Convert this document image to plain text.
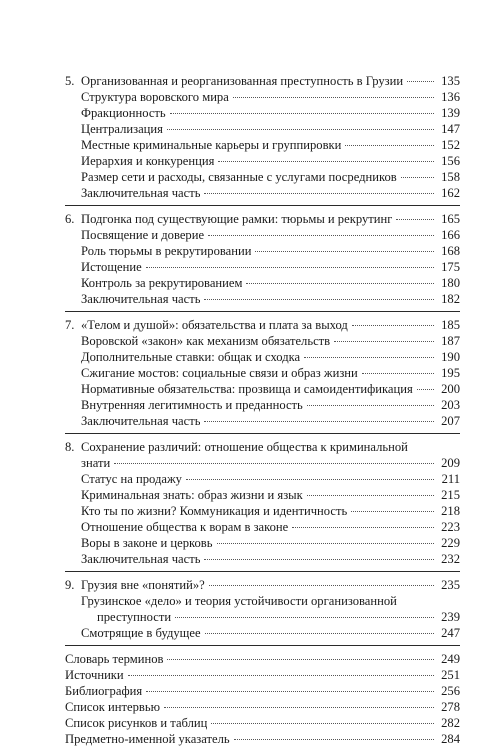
5. Организованная и реорганизованная преступность в Грузии	135
Структура воровского мира	136
Фракционность	139
Централизация	147
Местные криминальные карьеры и группировки	152
Иерархия и конкуренция	156
Размер сети и расходы, связанные с услугами посредников	158
Заключительная часть	162
6. Подгонка под существующие рамки: тюрьмы и рекрутинг	165
Посвящение и доверие	166
Роль тюрьмы в рекрутировании	168
Истощение	175
Контроль за рекрутированием	180
Заключительная часть	182
7. «Телом и душой»: обязательства и плата за выход	185
Воровской «закон» как механизм обязательств	187
Дополнительные ставки: общак и сходка	190
Сжигание мостов: социальные связи и образ жизни	195
Нормативные обязательства: прозвища и самоидентификация 200
Внутренняя легитимность и преданность	203
Заключительная часть	207
8. Сохранение различий: отношение общества к криминальной
знати	209
Статус на продажу	211
Криминальная знать: образ жизни и язык	215
Кто ты по жизни? Коммуникация и идентичность	218
Отношение общества к ворам в законе	223
Воры в законе и церковь	229
Заключительная часть	232
9. Грузия вне «понятий»?	235
Грузинское «дело» и теория устойчивости организованной
преступности	239
Смотрящие в будущее	247
Словарь терминов	249
Источники	251
Библиография	256
Список интервью	278
Список рисунков и таблиц	282
Предметно-именной указатель	284
